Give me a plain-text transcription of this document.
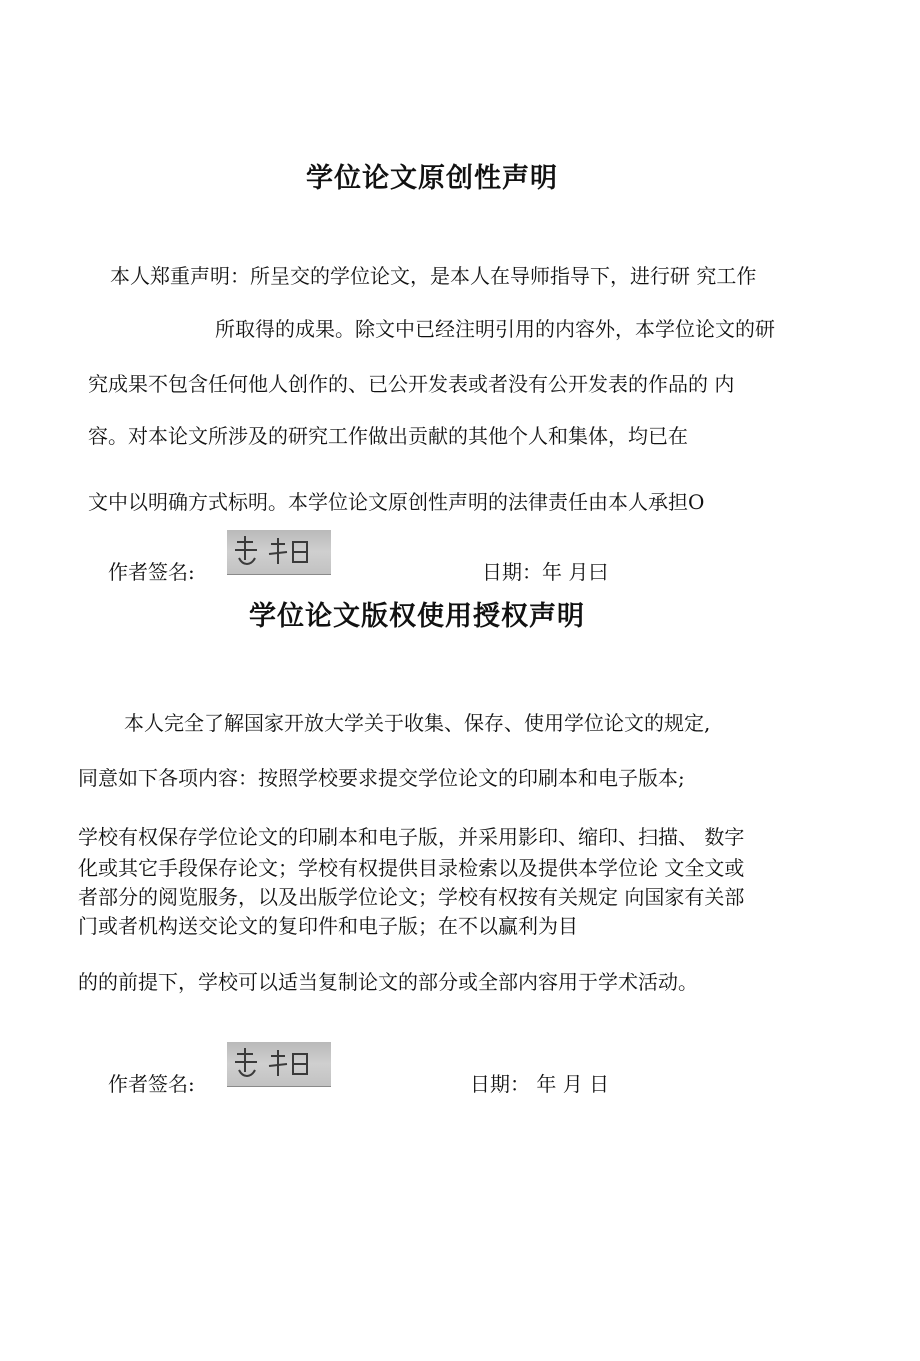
学位论文原创性声明

本人郑重声明：所呈交的学位论文，是本人在导师指导下，进行研 究工作

所取得的成果。除文中已经注明引用的内容外，本学位论文的研

究成果不包含任何他人创作的、已公开发表或者没有公开发表的作品的 内

容。对本论文所涉及的研究工作做出贡献的其他个人和集体，均已在

文中以明确方式标明。本学位论文原创性声明的法律责任由本人承担O

作者签名:	日期：年 月曰
学位论文版权使用授权声明

本人完全了解国家开放大学关于收集、保存、使用学位论文的规定,

同意如下各项内容：按照学校要求提交学位论文的印刷本和电子版本;

学校有权保存学位论文的印刷本和电子版，并采用影印、缩印、扫描、 数字

化或其它手段保存论文；学校有权提供目录检索以及提供本学位论 文全文或

者部分的阅览服务，以及出版学位论文；学校有权按有关规定 向国家有关部

门或者机构送交论文的复印件和电子版；在不以赢利为目

的的前提下，学校可以适当复制论文的部分或全部内容用于学术活动。

作者签名:	日期： 年 月 日
